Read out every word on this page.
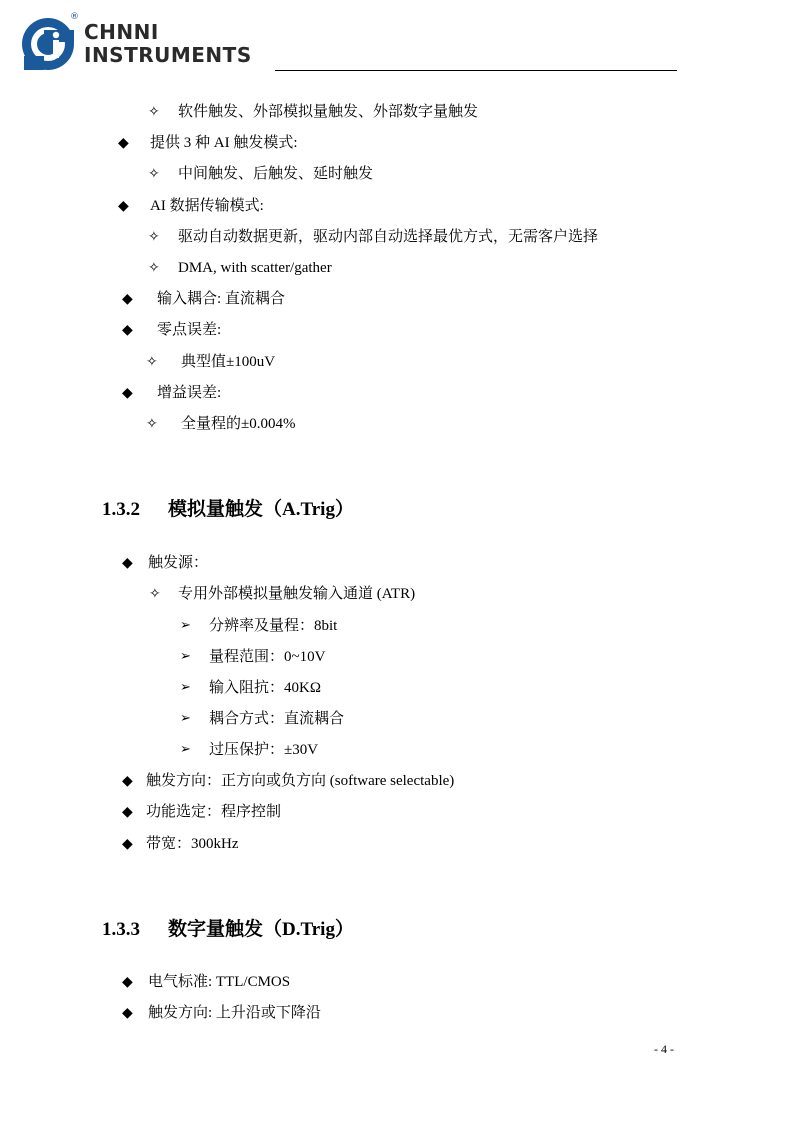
®
CHNNI
INSTRUMENTS
✧ 软件触发、外部模拟量触发、外部数字量触发
◆ 提供 3 种 AI 触发模式:
✧ 中间触发、后触发、延时触发
◆ AI 数据传输模式:
✧ 驱动自动数据更新，驱动内部自动选择最优方式，无需客户选择
✧ DMA, with scatter/gather
◆ 输入耦合: 直流耦合
◆ 零点误差:
✧ 典型值±100uV
◆ 增益误差:
✧ 全量程的±0.004%
1.3.2 模拟量触发（A.Trig）
◆ 触发源：
✧ 专用外部模拟量触发输入通道 (ATR)
➢ 分辨率及量程：8bit
➢ 量程范围：0~10V
➢ 输入阻抗：40KΩ
➢ 耦合方式：直流耦合
➢ 过压保护：±30V
◆ 触发方向：正方向或负方向 (software selectable)
◆ 功能选定：程序控制
◆ 带宽：300kHz
1.3.3 数字量触发（D.Trig）
◆ 电气标准: TTL/CMOS
◆ 触发方向: 上升沿或下降沿
- 4 -
